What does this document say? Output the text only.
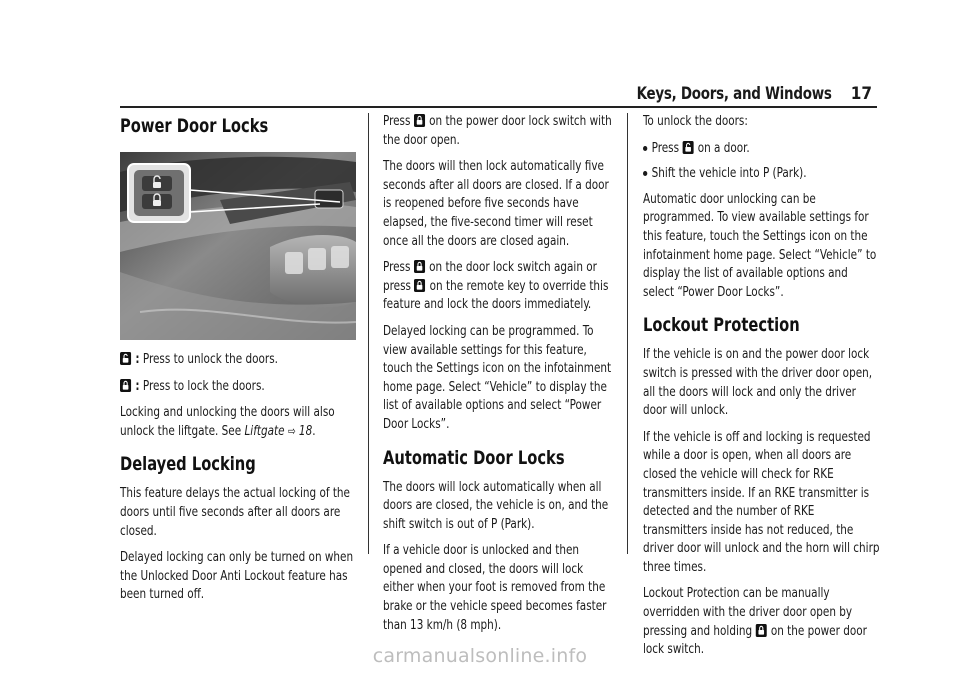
Keys, Doors, and Windows 17
Power Door Locks

: Press to unlock the doors.

: Press to lock the doors.

Locking and unlocking the doors will also unlock the liftgate. See Liftgate ⇨ 18.

Delayed Locking

This feature delays the actual locking of the doors until five seconds after all doors are closed.

Delayed locking can only be turned on when the Unlocked Door Anti Lockout feature has been turned off.

Press on the power door lock switch with the door open.

The doors will then lock automatically five seconds after all doors are closed. If a door is reopened before five seconds have elapsed, the five-second timer will reset once all the doors are closed again.

Press on the door lock switch again or press on the remote key to override this feature and lock the doors immediately.

Delayed locking can be programmed. To view available settings for this feature, touch the Settings icon on the infotainment home page. Select “Vehicle” to display the list of available options and select “Power Door Locks”.

Automatic Door Locks

The doors will lock automatically when all doors are closed, the vehicle is on, and the shift switch is out of P (Park).

If a vehicle door is unlocked and then opened and closed, the doors will lock either when your foot is removed from the brake or the vehicle speed becomes faster than 13 km/h (8 mph).

To unlock the doors:

Press on a door.
Shift the vehicle into P (Park).

Automatic door unlocking can be programmed. To view available settings for this feature, touch the Settings icon on the infotainment home page. Select “Vehicle” to display the list of available options and select “Power Door Locks”.

Lockout Protection

If the vehicle is on and the power door lock switch is pressed with the driver door open, all the doors will lock and only the driver door will unlock.

If the vehicle is off and locking is requested while a door is open, when all doors are closed the vehicle will check for RKE transmitters inside. If an RKE transmitter is detected and the number of RKE transmitters inside has not reduced, the driver door will unlock and the horn will chirp three times.

Lockout Protection can be manually overridden with the driver door open by pressing and holding on the power door lock switch.

carmanualsonline.info
